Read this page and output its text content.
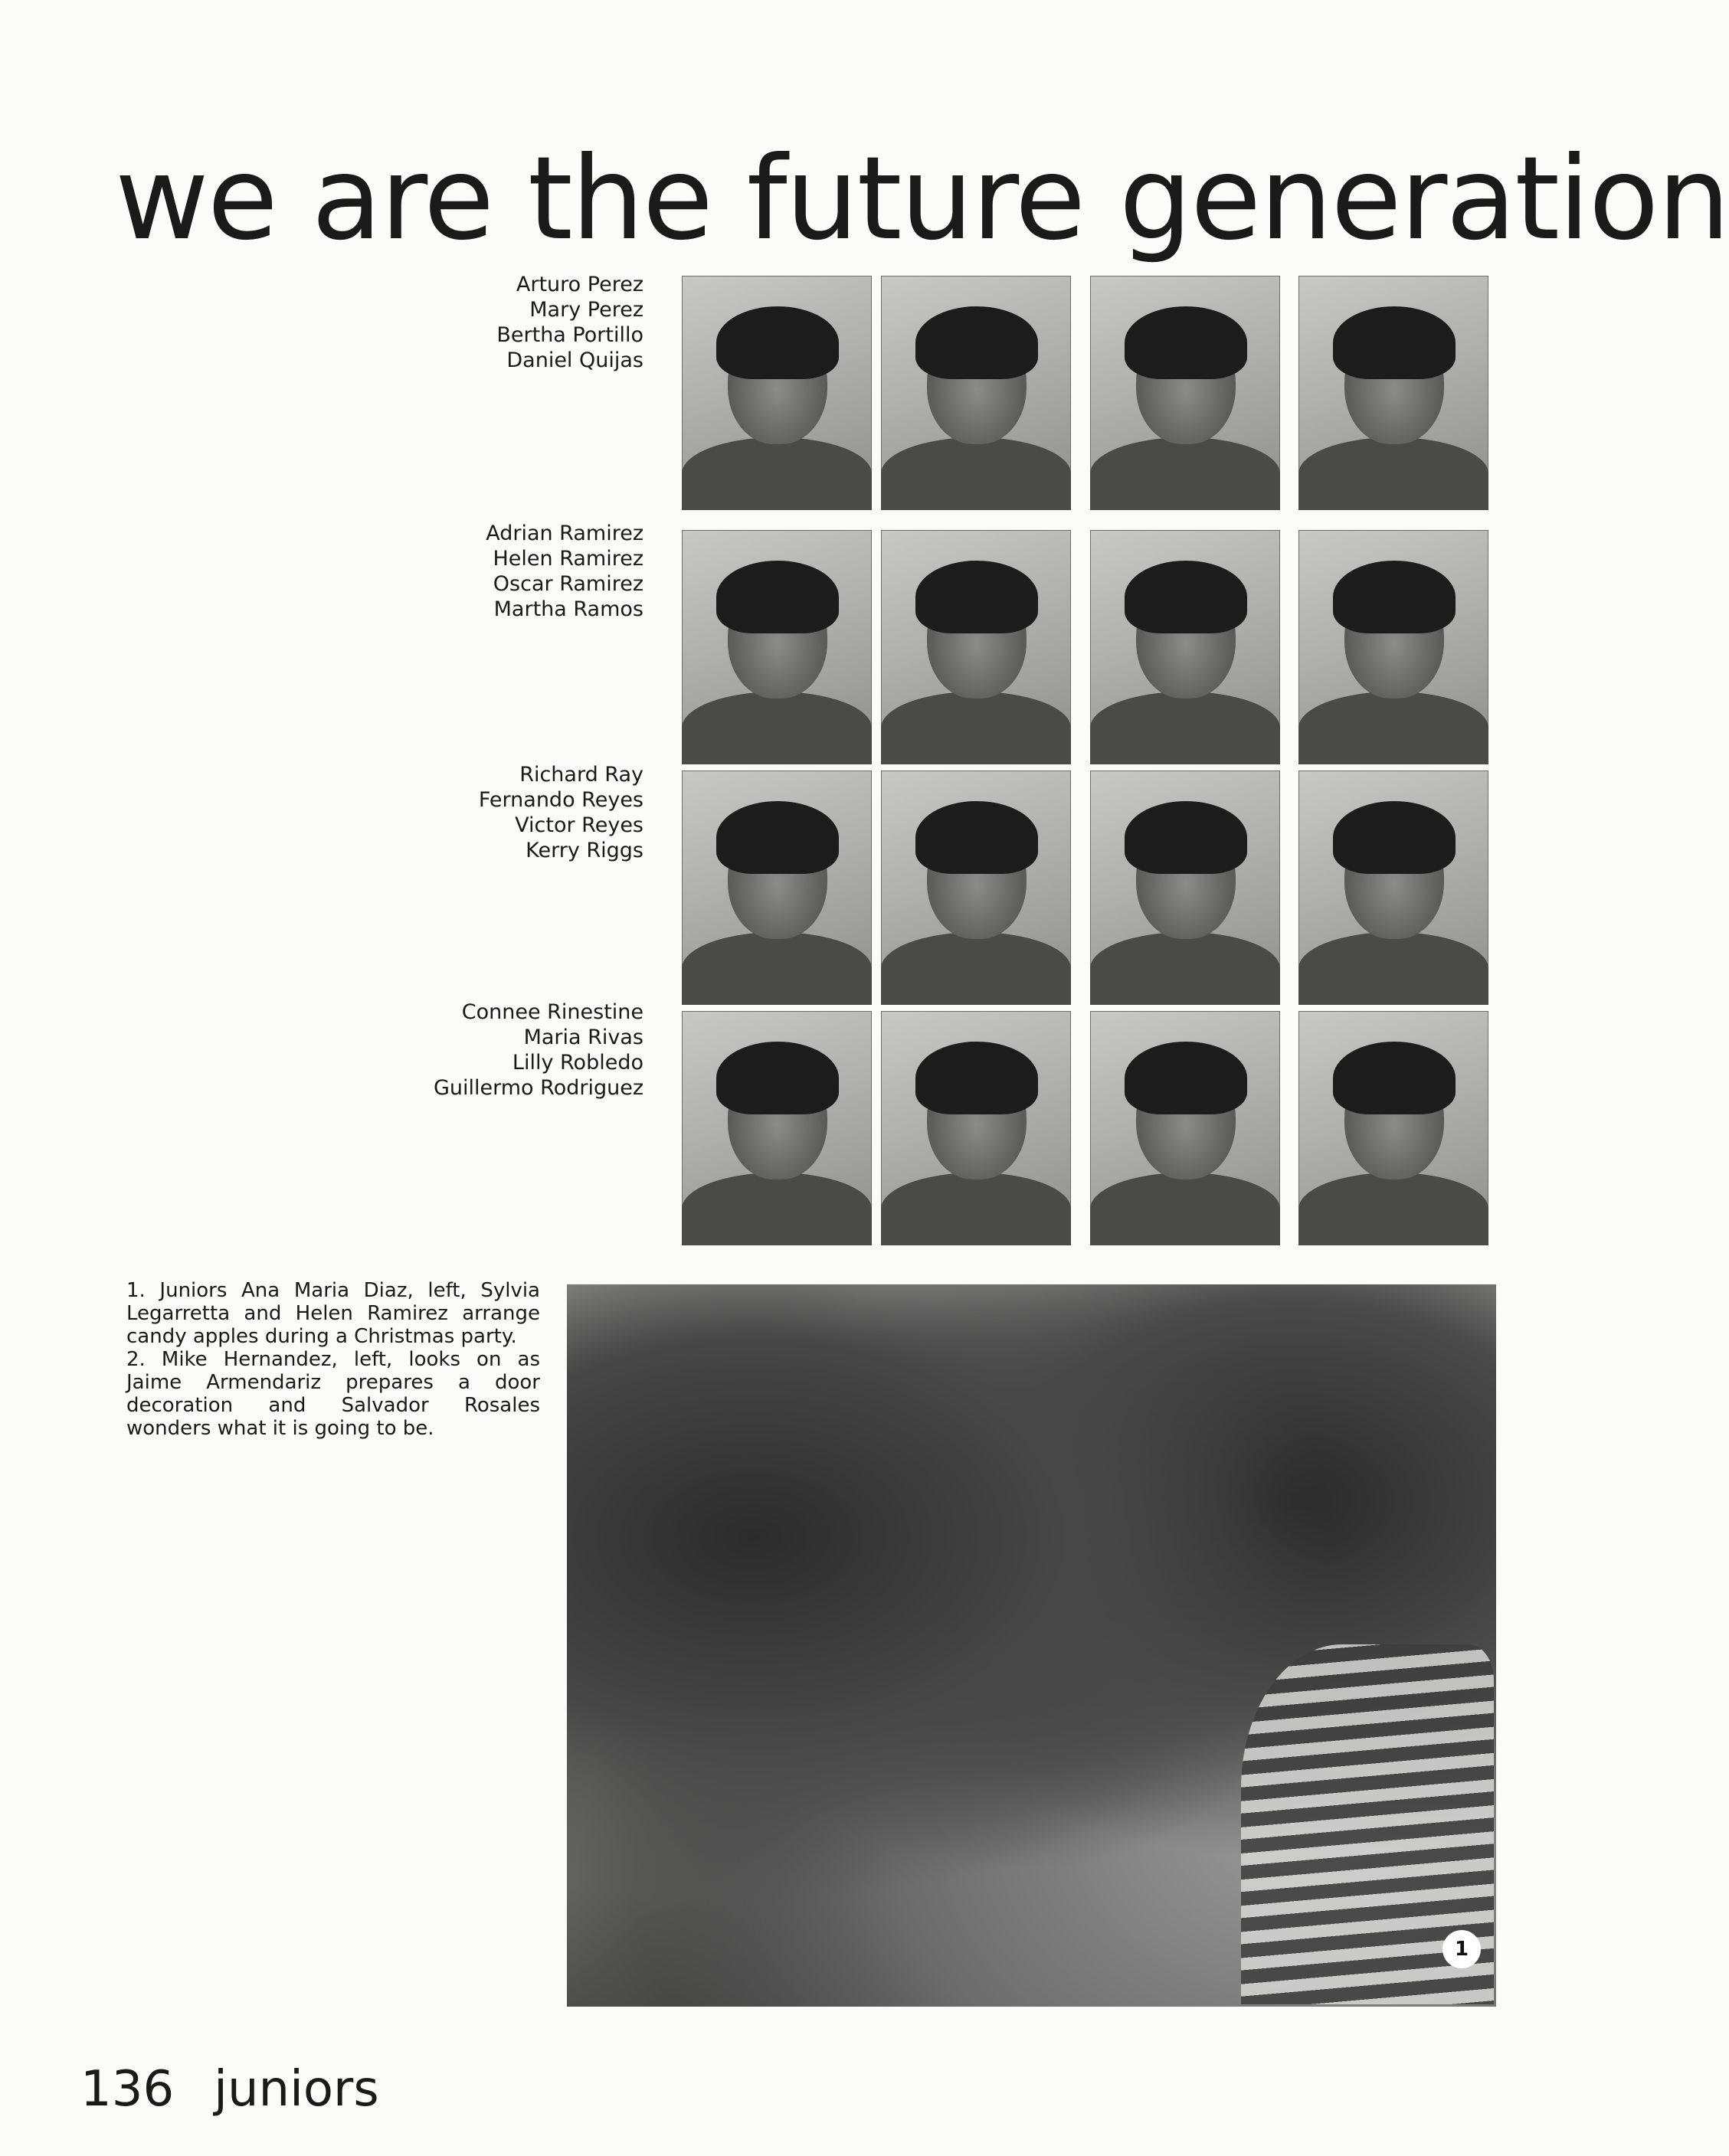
we are the future generation
Arturo Perez
Mary Perez
Bertha Portillo
Daniel Quijas
Adrian Ramirez
Helen Ramirez
Oscar Ramirez
Martha Ramos
Richard Ray
Fernando Reyes
Victor Reyes
Kerry Riggs
Connee Rinestine
Maria Rivas
Lilly Robledo
Guillermo Rodriguez

1. Juniors Ana Maria Diaz, left, Sylvia Legarretta and Helen Ramirez arrange candy apples during a Christmas party.

2. Mike Hernandez, left, looks on as Jaime Armendariz prepares a door decoration and Salvador Rosales wonders what it is going to be.

1
136 juniors
